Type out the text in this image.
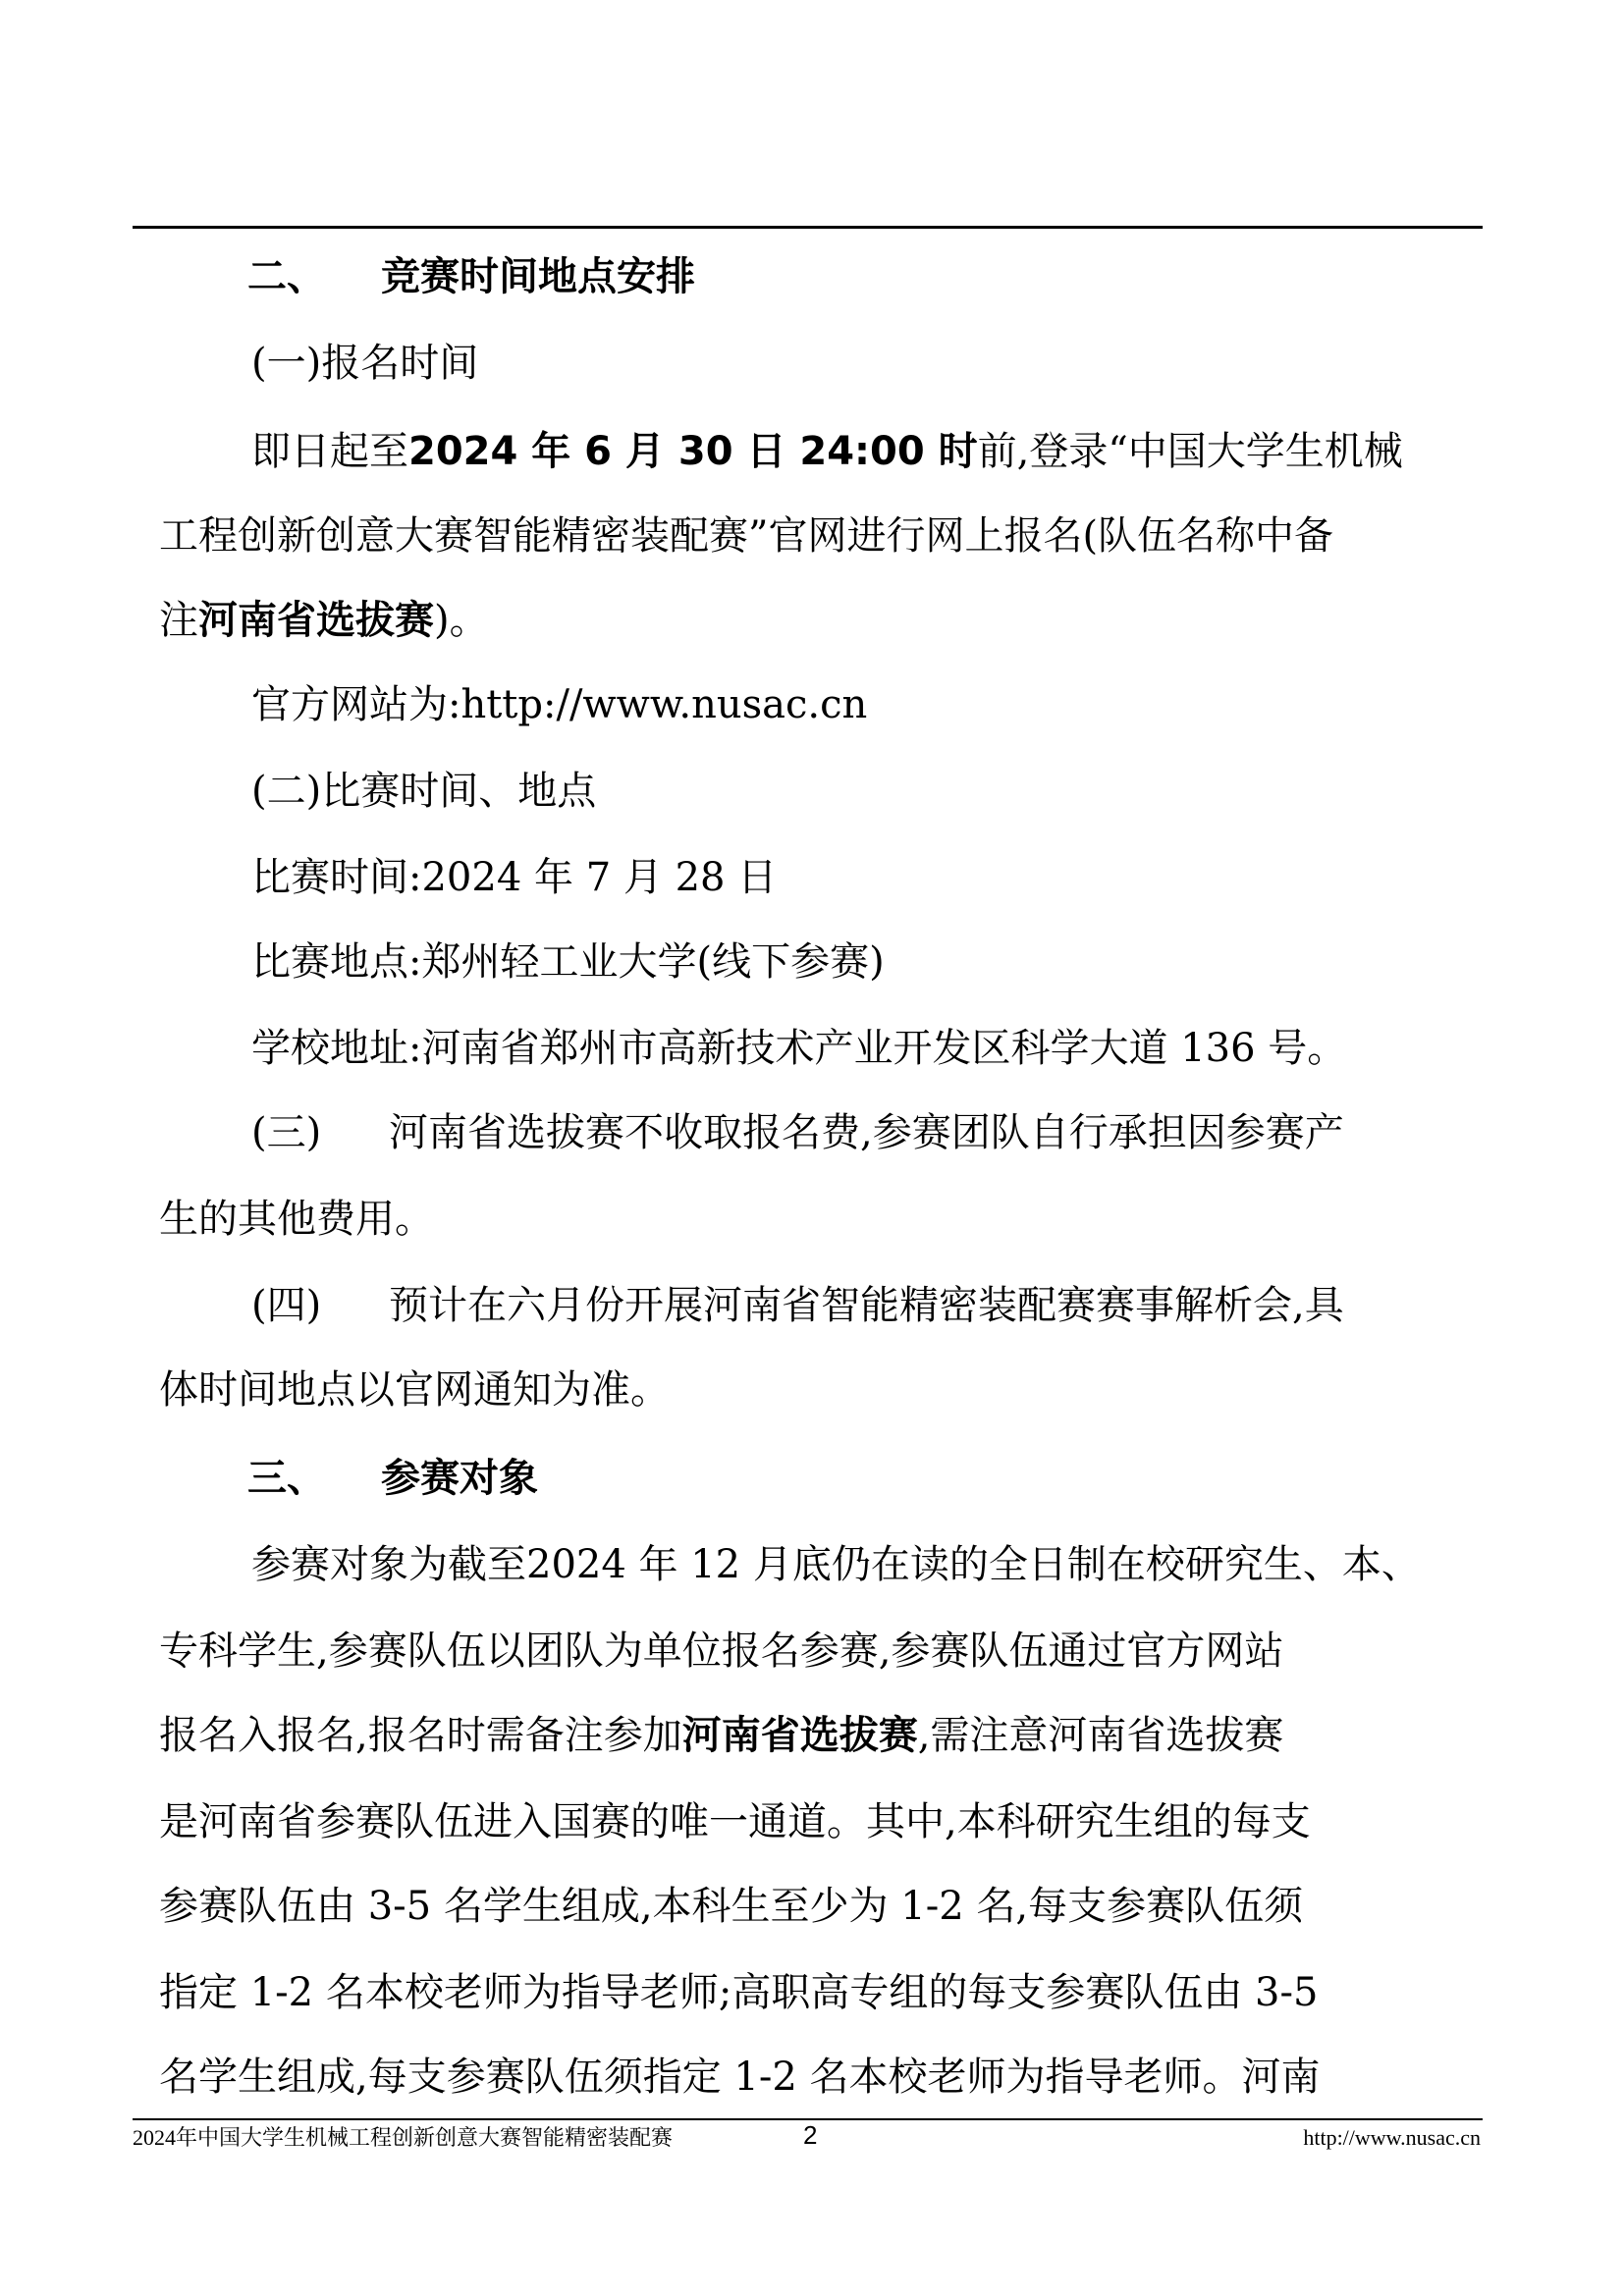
二、 竞赛时间地点安排
(一)报名时间
即日起至2024 年 6 月 30 日 24:00 时前,登录“中国大学生机械
工程创新创意大赛智能精密装配赛”官网进行网上报名(队伍名称中备
注河南省选拔赛)。
官方网站为:http://www.nusac.cn
(二)比赛时间、地点
比赛时间:2024 年 7 月 28 日
比赛地点:郑州轻工业大学(线下参赛)
学校地址:河南省郑州市高新技术产业开发区科学大道 136 号。
(三) 河南省选拔赛不收取报名费,参赛团队自行承担因参赛产
生的其他费用。
(四) 预计在六月份开展河南省智能精密装配赛赛事解析会,具
体时间地点以官网通知为准。
三、 参赛对象
参赛对象为截至2024 年 12 月底仍在读的全日制在校研究生、本、
专科学生,参赛队伍以团队为单位报名参赛,参赛队伍通过官方网站
报名入报名,报名时需备注参加河南省选拔赛,需注意河南省选拔赛
是河南省参赛队伍进入国赛的唯一通道。其中,本科研究生组的每支
参赛队伍由 3-5 名学生组成,本科生至少为 1-2 名,每支参赛队伍须
指定 1-2 名本校老师为指导老师;高职高专组的每支参赛队伍由 3-5
名学生组成,每支参赛队伍须指定 1-2 名本校老师为指导老师。河南
2024年中国大学生机械工程创新创意大赛智能精密装配赛	2	http://www.nusac.cn
